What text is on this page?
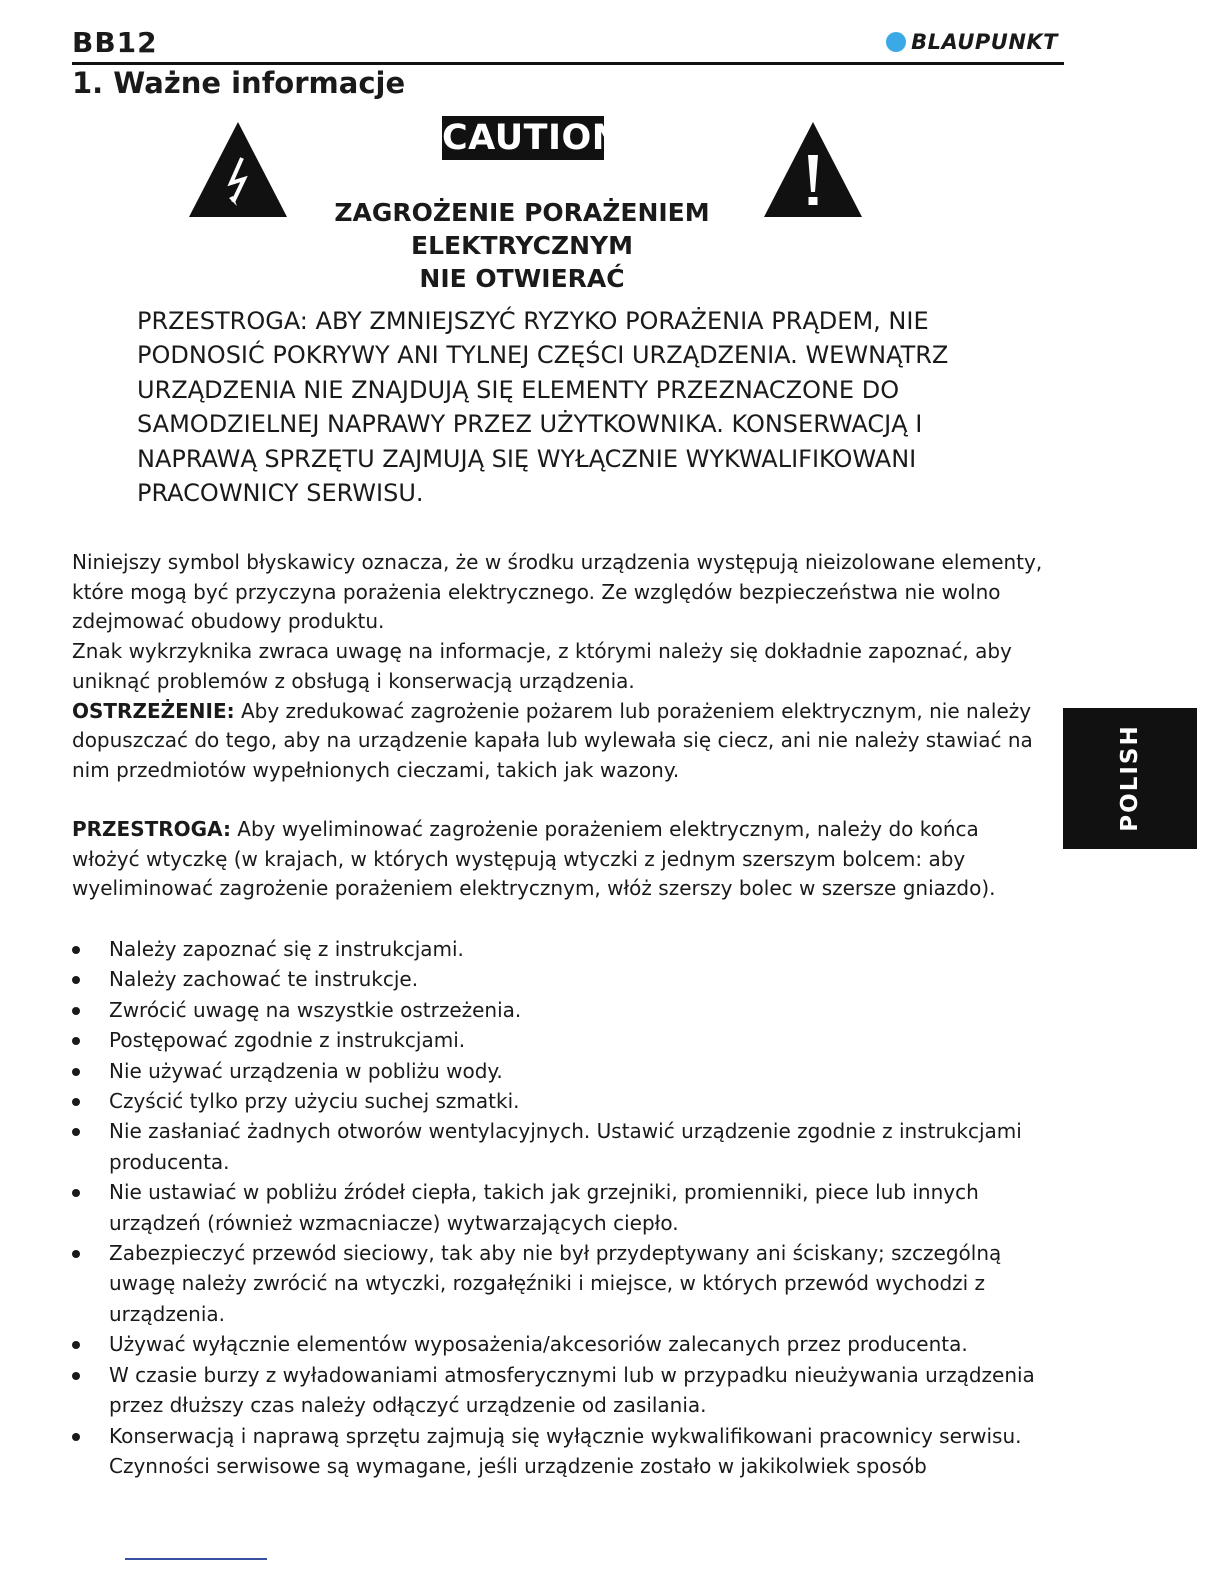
BB12	BLAUPUNKT
1. Ważne informacje
CAUTION
ZAGROŻENIE PORAŻENIEM
ELEKTRYCZNYM
NIE OTWIERAĆ
PRZESTROGA: ABY ZMNIEJSZYĆ RYZYKO PORAŻENIA PRĄDEM, NIE
PODNOSIĆ POKRYWY ANI TYLNEJ CZĘŚCI URZĄDZENIA. WEWNĄTRZ
URZĄDZENIA NIE ZNAJDUJĄ SIĘ ELEMENTY PRZEZNACZONE DO
SAMODZIELNEJ NAPRAWY PRZEZ UŻYTKOWNIKA. KONSERWACJĄ I
NAPRAWĄ SPRZĘTU ZAJMUJĄ SIĘ WYŁĄCZNIE WYKWALIFIKOWANI
PRACOWNICY SERWISU.
Niniejszy symbol błyskawicy oznacza, że w środku urządzenia występują nieizolowane elementy,
które mogą być przyczyna porażenia elektrycznego. Ze względów bezpieczeństwa nie wolno
zdejmować obudowy produktu.
Znak wykrzyknika zwraca uwagę na informacje, z którymi należy się dokładnie zapoznać, aby
uniknąć problemów z obsługą i konserwacją urządzenia.
OSTRZEŻENIE: Aby zredukować zagrożenie pożarem lub porażeniem elektrycznym, nie należy
dopuszczać do tego, aby na urządzenie kapała lub wylewała się ciecz, ani nie należy stawiać na
nim przedmiotów wypełnionych cieczami, takich jak wazony.
PRZESTROGA: Aby wyeliminować zagrożenie porażeniem elektrycznym, należy do końca
włożyć wtyczkę (w krajach, w których występują wtyczki z jednym szerszym bolcem: aby
wyeliminować zagrożenie porażeniem elektrycznym, włóż szerszy bolec w szersze gniazdo).
Należy zapoznać się z instrukcjami.
Należy zachować te instrukcje.
Zwrócić uwagę na wszystkie ostrzeżenia.
Postępować zgodnie z instrukcjami.
Nie używać urządzenia w pobliżu wody.
Czyścić tylko przy użyciu suchej szmatki.
Nie zasłaniać żadnych otworów wentylacyjnych. Ustawić urządzenie zgodnie z instrukcjami
producenta.
Nie ustawiać w pobliżu źródeł ciepła, takich jak grzejniki, promienniki, piece lub innych
urządzeń (również wzmacniacze) wytwarzających ciepło.
Zabezpieczyć przewód sieciowy, tak aby nie był przydeptywany ani ściskany; szczególną
uwagę należy zwrócić na wtyczki, rozgałęźniki i miejsce, w których przewód wychodzi z
urządzenia.
Używać wyłącznie elementów wyposażenia/akcesoriów zalecanych przez producenta.
W czasie burzy z wyładowaniami atmosferycznymi lub w przypadku nieużywania urządzenia
przez dłuższy czas należy odłączyć urządzenie od zasilania.
Konserwacją i naprawą sprzętu zajmują się wyłącznie wykwalifikowani pracownicy serwisu.
Czynności serwisowe są wymagane, jeśli urządzenie zostało w jakikolwiek sposób
POLISH
